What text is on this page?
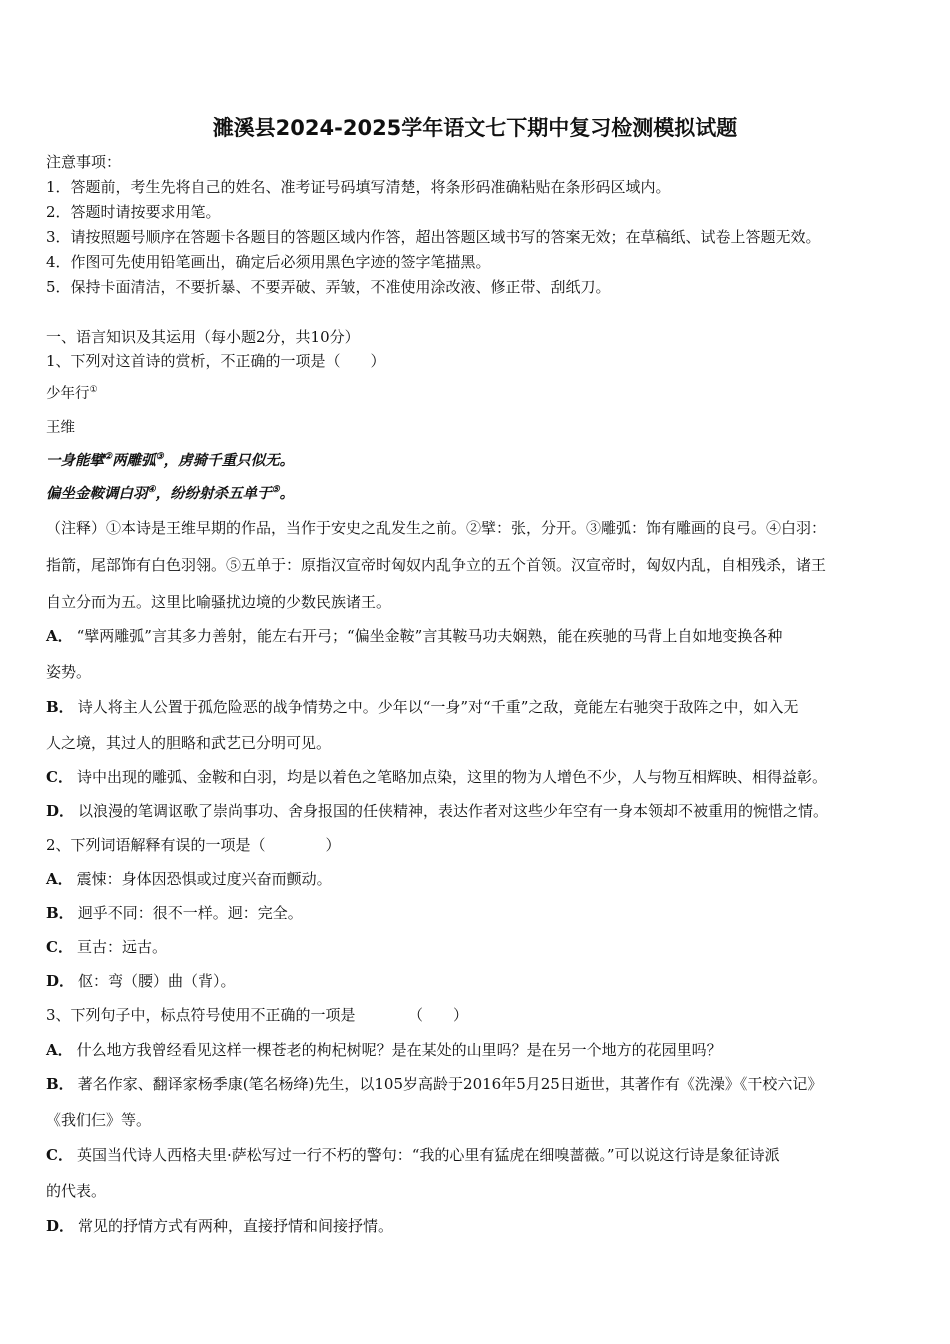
濉溪县2024-2025学年语文七下期中复习检测模拟试题
注意事项：
1．答题前，考生先将自己的姓名、准考证号码填写清楚，将条形码准确粘贴在条形码区域内。
2．答题时请按要求用笔。
3．请按照题号顺序在答题卡各题目的答题区域内作答，超出答题区域书写的答案无效；在草稿纸、试卷上答题无效。
4．作图可先使用铅笔画出，确定后必须用黑色字迹的签字笔描黑。
5．保持卡面清洁，不要折暴、不要弄破、弄皱，不准使用涂改液、修正带、刮纸刀。
一、语言知识及其运用（每小题2分，共10分）
1、下列对这首诗的赏析，不正确的一项是（　　）
少年行①
王维
一身能擘②两雕弧③，虏骑千重只似无。
偏坐金鞍调白羽④，纷纷射杀五单于⑤。
（注释）①本诗是王维早期的作品，当作于安史之乱发生之前。②擘：张，分开。③雕弧：饰有雕画的良弓。④白羽：
指箭，尾部饰有白色羽翎。⑤五单于：原指汉宣帝时匈奴内乱争立的五个首领。汉宣帝时，匈奴内乱，自相残杀，诸王
自立分而为五。这里比喻骚扰边境的少数民族诸王。
A． “擘两雕弧”言其多力善射，能左右开弓；“偏坐金鞍”言其鞍马功夫娴熟，能在疾驰的马背上自如地变换各种
姿势。
B． 诗人将主人公置于孤危险恶的战争情势之中。少年以“一身”对“千重”之敌，竟能左右驰突于敌阵之中，如入无
人之境，其过人的胆略和武艺已分明可见。
C． 诗中出现的雕弧、金鞍和白羽，均是以着色之笔略加点染，这里的物为人增色不少，人与物互相辉映、相得益彰。
D． 以浪漫的笔调讴歌了崇尚事功、舍身报国的任侠精神，表达作者对这些少年空有一身本领却不被重用的惋惜之情。
2、下列词语解释有误的一项是（　　　　）
A． 震悚：身体因恐惧或过度兴奋而颤动。
B． 迥乎不同：很不一样。迥：完全。
C． 亘古：远古。
D． 伛：弯（腰）曲（背）。
3、下列句子中，标点符号使用不正确的一项是　　　　（　　）
A． 什么地方我曾经看见这样一棵苍老的枸杞树呢？是在某处的山里吗？是在另一个地方的花园里吗？
B． 著名作家、翻译家杨季康(笔名杨绛)先生，以105岁高龄于2016年5月25日逝世，其著作有《洗澡》《干校六记》
《我们仨》等。
C． 英国当代诗人西格夫里·萨松写过一行不朽的警句：“我的心里有猛虎在细嗅蔷薇。”可以说这行诗是象征诗派
的代表。
D． 常见的抒情方式有两种，直接抒情和间接抒情。
